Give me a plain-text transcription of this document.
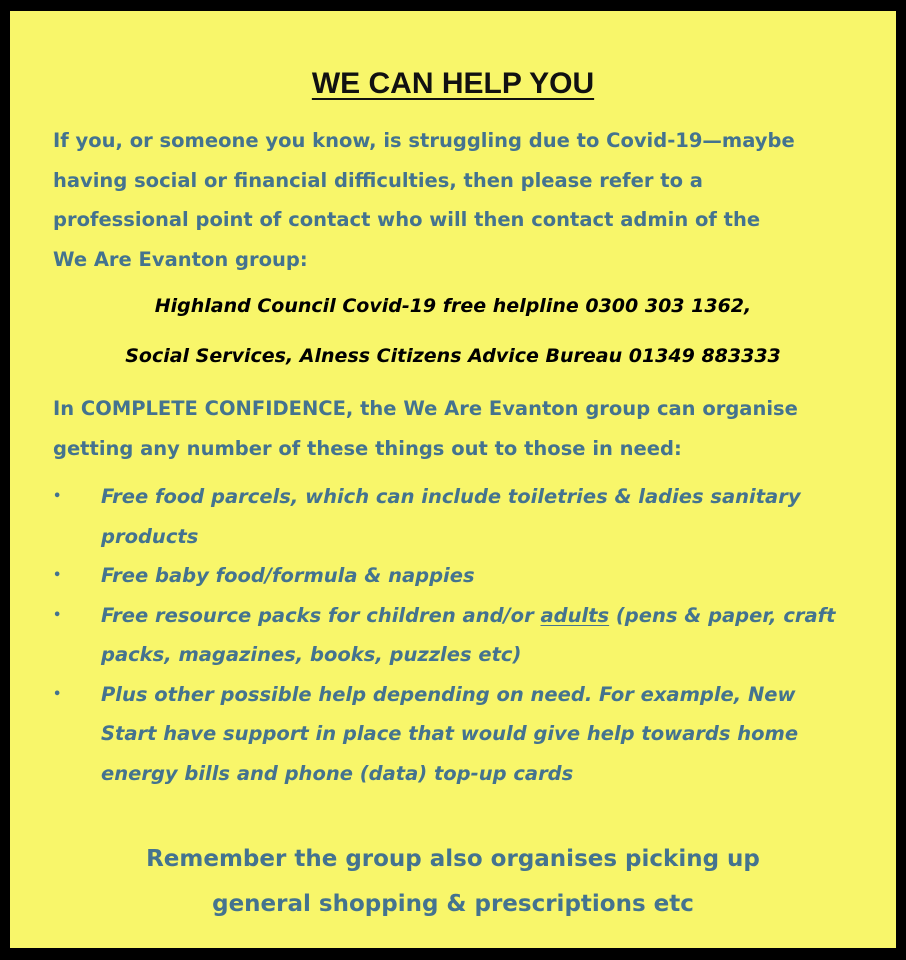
WE CAN HELP YOU

If you, or someone you know, is struggling due to Covid-19—maybe
having social or financial difficulties, then please refer to a
professional point of contact who will then contact admin of the
We Are Evanton group:

Highland Council Covid-19 free helpline 0300 303 1362,

Social Services, Alness Citizens Advice Bureau 01349 883333

In COMPLETE CONFIDENCE, the We Are Evanton group can organise
getting any number of these things out to those in need:

• Free food parcels, which can include toiletries & ladies sanitary
products
• Free baby food/formula & nappies
• Free resource packs for children and/or adults (pens & paper, craft
packs, magazines, books, puzzles etc)
• Plus other possible help depending on need. For example, New
Start have support in place that would give help towards home
energy bills and phone (data) top-up cards

Remember the group also organises picking up
general shopping & prescriptions etc
